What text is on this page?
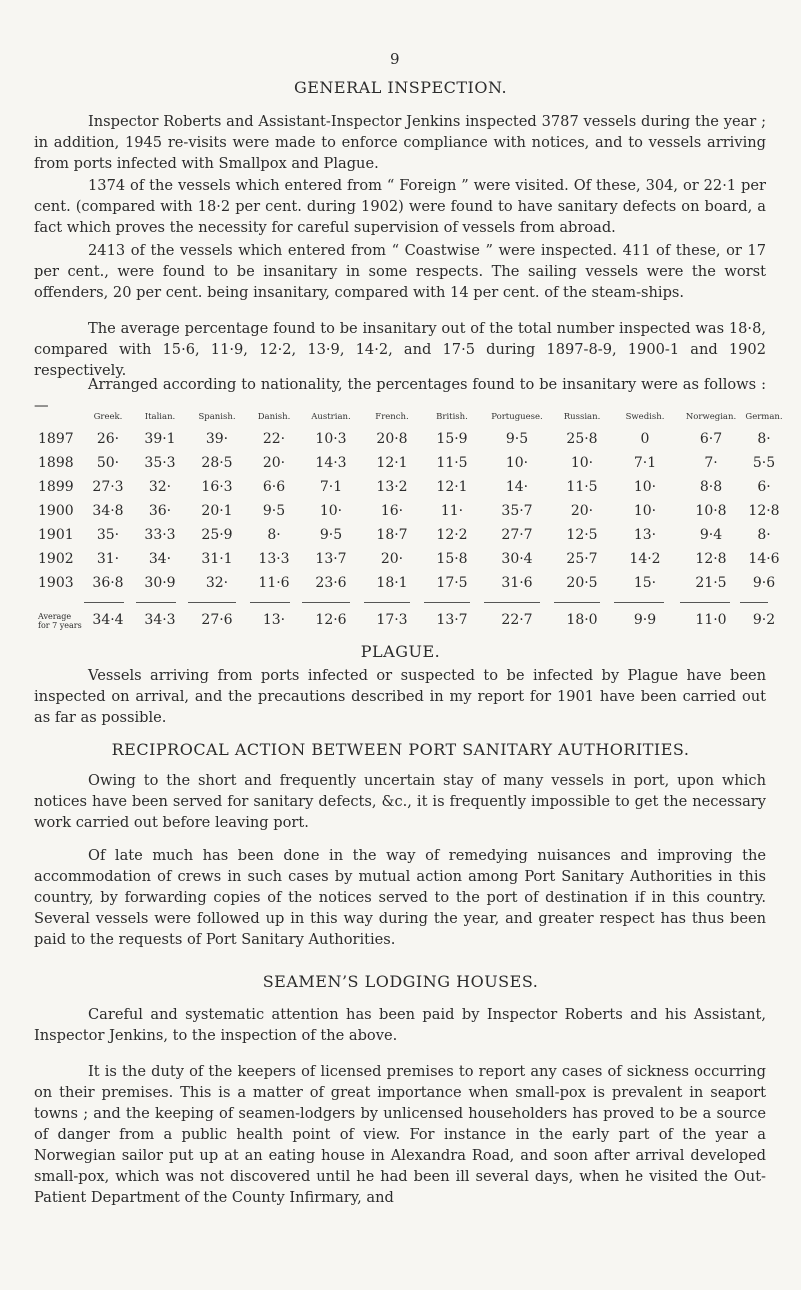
9
GENERAL INSPECTION.

Inspector Roberts and Assistant-Inspector Jenkins inspected 3787 vessels during the year ; in addition, 1945 re-visits were made to enforce compliance with notices, and to vessels arriving from ports infected with Smallpox and Plague.

1374 of the vessels which entered from “ Foreign ” were visited. Of these, 304, or 22·1 per cent. (compared with 18·2 per cent. during 1902) were found to have sanitary defects on board, a fact which proves the necessity for careful supervision of vessels from abroad.

2413 of the vessels which entered from “ Coastwise ” were inspected. 411 of these, or 17 per cent., were found to be insanitary in some respects. The sailing vessels were the worst offenders, 20 per cent. being insanitary, compared with 14 per cent. of the steam-ships.

The average percentage found to be insanitary out of the total number inspected was 18·8, compared with 15·6, 11·9, 12·2, 13·9, 14·2, and 17·5 during 1897-8-9, 1900-1 and 1902 respectively.

Arranged according to nationality, the percentages found to be insanitary were as follows :—

Greek.	Italian.	Spanish.	Danish.	Austrian.	French.	British.	Portuguese.	Russian.	Swedish.	Norwegian.	German.
1897	26·	39·1	39·	22·	10·3	20·8	15·9	9·5	25·8	0	6·7	8·
1898	50·	35·3	28·5	20·	14·3	12·1	11·5	10·	10·	7·1	7·	5·5
1899	27·3	32·	16·3	6·6	7·1	13·2	12·1	14·	11·5	10·	8·8	6·
1900	34·8	36·	20·1	9·5	10·	16·	11·	35·7	20·	10·	10·8	12·8
1901	35·	33·3	25·9	8·	9·5	18·7	12·2	27·7	12·5	13·	9·4	8·
1902	31·	34·	31·1	13·3	13·7	20·	15·8	30·4	25·7	14·2	12·8	14·6
1903	36·8	30·9	32·	11·6	23·6	18·1	17·5	31·6	20·5	15·	21·5	9·6
Average
for 7 years 34·4	34·3	27·6	13·	12·6	17·3	13·7	22·7	18·0	9·9	11·0	9·2
PLAGUE.

Vessels arriving from ports infected or suspected to be infected by Plague have been inspected on arrival, and the precautions described in my report for 1901 have been carried out as far as possible.

RECIPROCAL ACTION BETWEEN PORT SANITARY AUTHORITIES.

Owing to the short and frequently uncertain stay of many vessels in port, upon which notices have been served for sanitary defects, &c., it is frequently impossible to get the necessary work carried out before leaving port.

Of late much has been done in the way of remedying nuisances and improving the accommodation of crews in such cases by mutual action among Port Sanitary Authorities in this country, by forwarding copies of the notices served to the port of destination if in this country. Several vessels were followed up in this way during the year, and greater respect has thus been paid to the requests of Port Sanitary Authorities.

SEAMEN’S LODGING HOUSES.

Careful and systematic attention has been paid by Inspector Roberts and his Assistant, Inspector Jenkins, to the inspection of the above.

It is the duty of the keepers of licensed premises to report any cases of sickness occurring on their premises. This is a matter of great importance when small-pox is prevalent in seaport towns ; and the keeping of seamen-lodgers by unlicensed householders has proved to be a source of danger from a public health point of view. For instance in the early part of the year a Norwegian sailor put up at an eating house in Alexandra Road, and soon after arrival developed small-pox, which was not discovered until he had been ill several days, when he visited the Out-Patient Department of the County Infirmary, and
